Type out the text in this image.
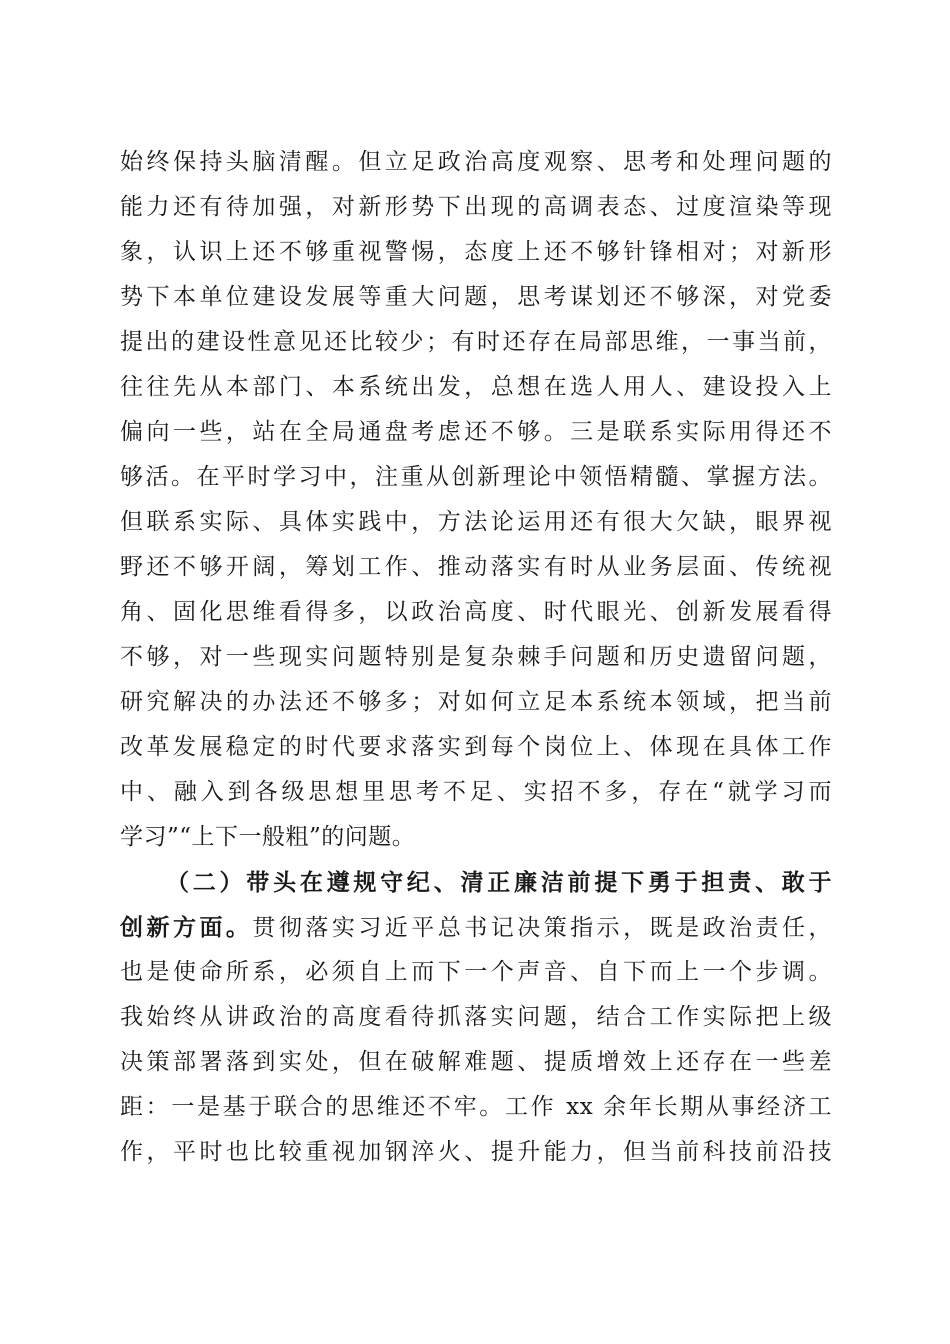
始终保持头脑清醒。但立足政治高度观察、思考和处理问题的
能力还有待加强，对新形势下出现的高调表态、过度渲染等现
象，认识上还不够重视警惕，态度上还不够针锋相对；对新形
势下本单位建设发展等重大问题，思考谋划还不够深，对党委
提出的建设性意见还比较少；有时还存在局部思维，一事当前，
往往先从本部门、本系统出发，总想在选人用人、建设投入上
偏向一些，站在全局通盘考虑还不够。三是联系实际用得还不
够活。在平时学习中，注重从创新理论中领悟精髓、掌握方法。
但联系实际、具体实践中，方法论运用还有很大欠缺，眼界视
野还不够开阔，筹划工作、推动落实有时从业务层面、传统视
角、固化思维看得多，以政治高度、时代眼光、创新发展看得
不够，对一些现实问题特别是复杂棘手问题和历史遗留问题，
研究解决的办法还不够多；对如何立足本系统本领域，把当前
改革发展稳定的时代要求落实到每个岗位上、体现在具体工作
中、融入到各级思想里思考不足、实招不多，存在“就学习而
学习”“上下一般粗”的问题。
（二）带头在遵规守纪、清正廉洁前提下勇于担责、敢于
创新方面。贯彻落实习近平总书记决策指示，既是政治责任，
也是使命所系，必须自上而下一个声音、自下而上一个步调。
我始终从讲政治的高度看待抓落实问题，结合工作实际把上级
决策部署落到实处，但在破解难题、提质增效上还存在一些差
距：一是基于联合的思维还不牢。工作 xx 余年长期从事经济工
作，平时也比较重视加钢淬火、提升能力，但当前科技前沿技
